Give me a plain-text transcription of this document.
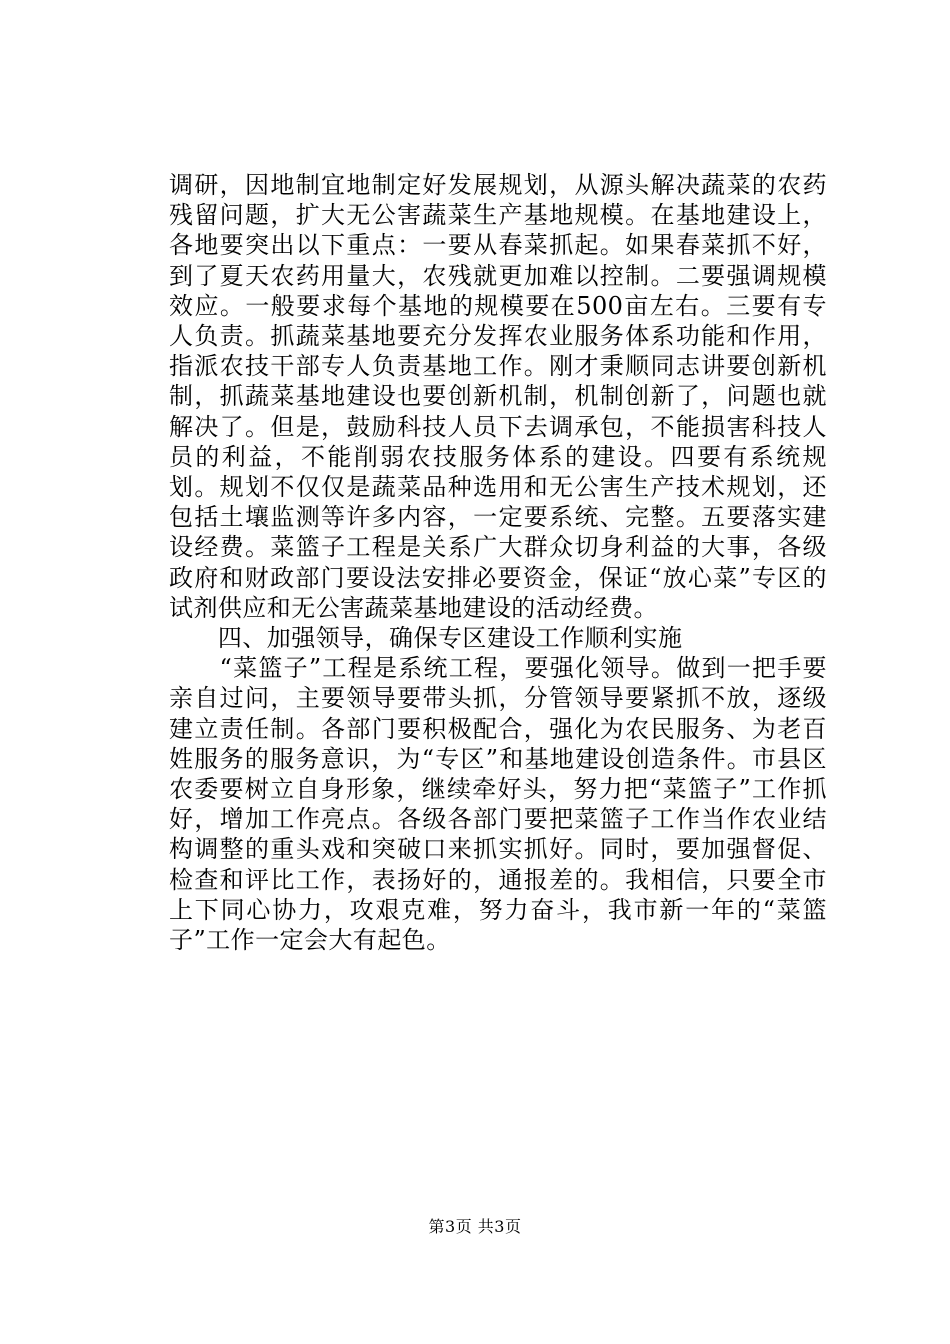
调研，因地制宜地制定好发展规划，从源头解决蔬菜的农药残留问题，扩大无公害蔬菜生产基地规模。在基地建设上，各地要突出以下重点：一要从春菜抓起。如果春菜抓不好，到了夏天农药用量大，农残就更加难以控制。二要强调规模效应。一般要求每个基地的规模要在500亩左右。三要有专人负责。抓蔬菜基地要充分发挥农业服务体系功能和作用，指派农技干部专人负责基地工作。刚才秉顺同志讲要创新机制，抓蔬菜基地建设也要创新机制，机制创新了，问题也就解决了。但是，鼓励科技人员下去调承包，不能损害科技人员的利益，不能削弱农技服务体系的建设。四要有系统规划。规划不仅仅是蔬菜品种选用和无公害生产技术规划，还包括土壤监测等许多内容，一定要系统、完整。五要落实建设经费。菜篮子工程是关系广大群众切身利益的大事，各级政府和财政部门要设法安排必要资金，保证“放心菜”专区的试剂供应和无公害蔬菜基地建设的活动经费。

　　四、加强领导，确保专区建设工作顺利实施

　　“菜篮子”工程是系统工程，要强化领导。做到一把手要亲自过问，主要领导要带头抓，分管领导要紧抓不放，逐级建立责任制。各部门要积极配合，强化为农民服务、为老百姓服务的服务意识，为“专区”和基地建设创造条件。市县区农委要树立自身形象，继续牵好头，努力把“菜篮子”工作抓好，增加工作亮点。各级各部门要把菜篮子工作当作农业结构调整的重头戏和突破口来抓实抓好。同时，要加强督促、检查和评比工作，表扬好的，通报差的。我相信，只要全市上下同心协力，攻艰克难，努力奋斗，我市新一年的“菜篮子”工作一定会大有起色。

第3页 共3页
